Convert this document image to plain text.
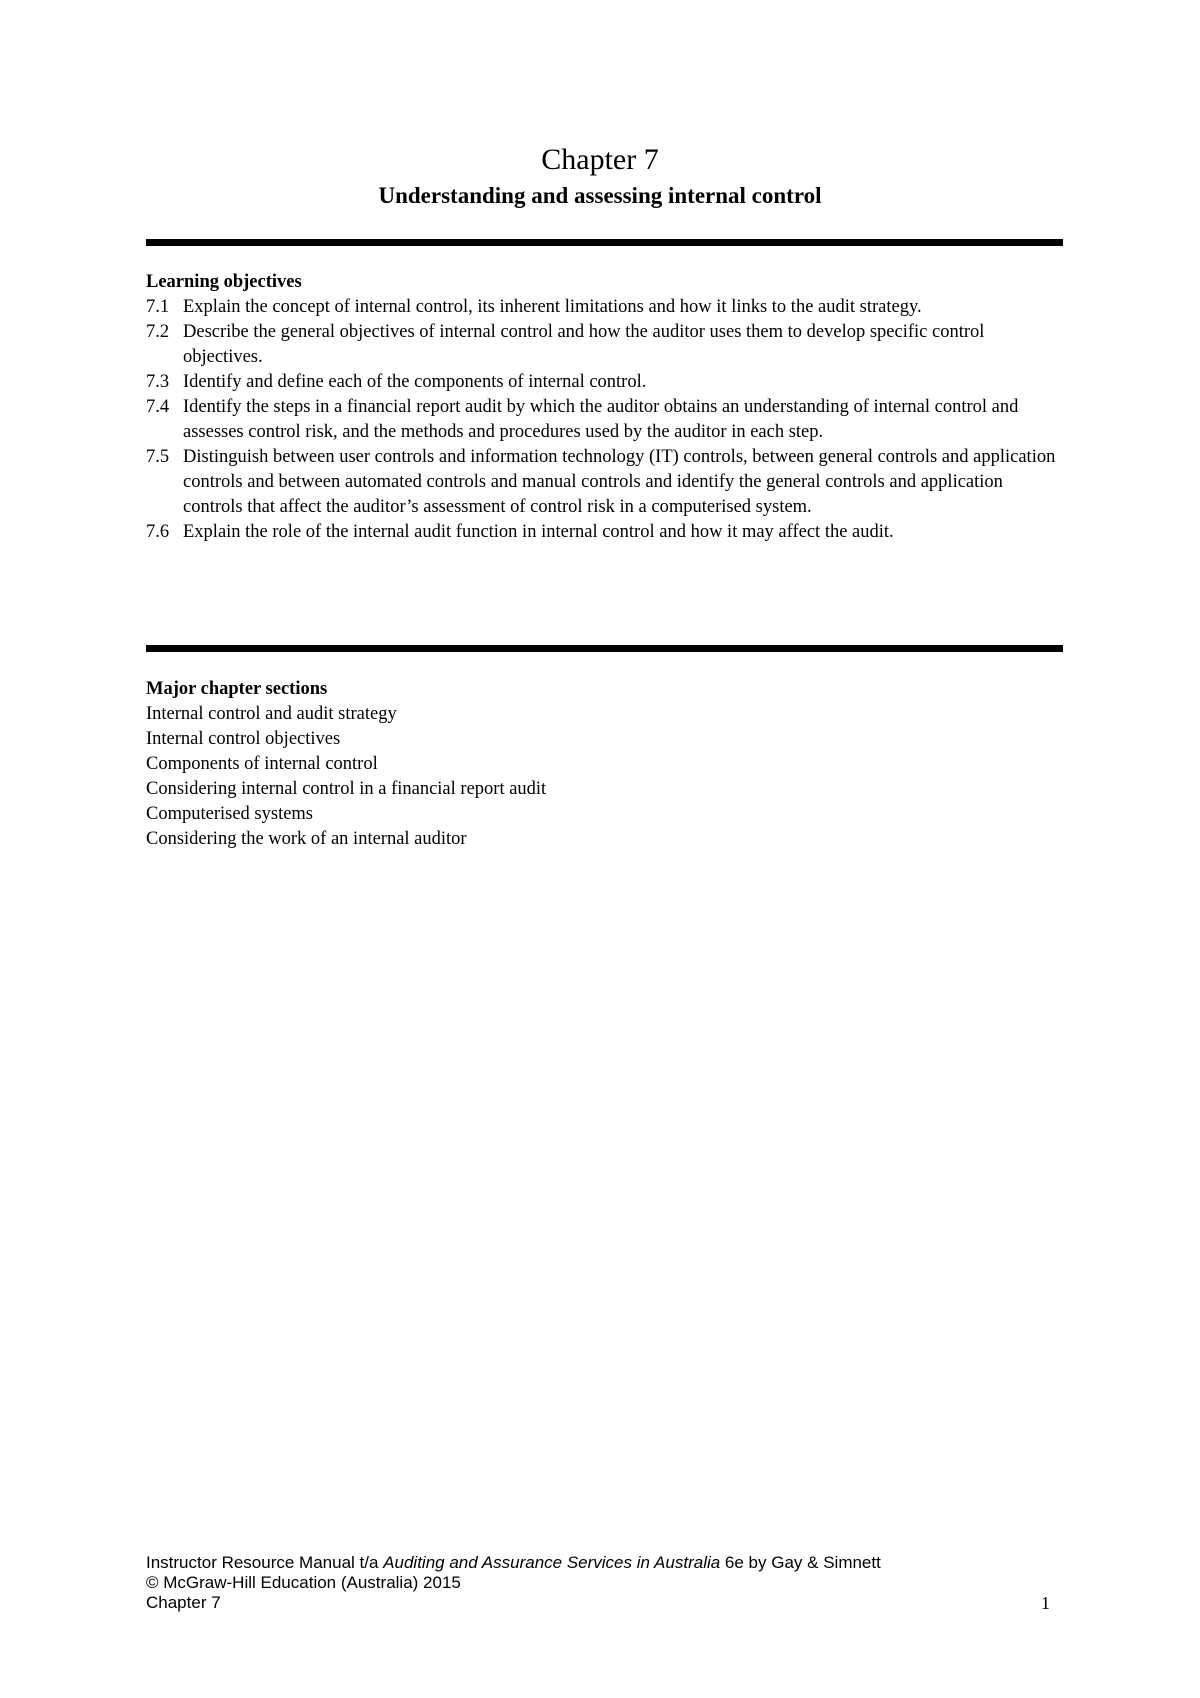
Chapter 7
Understanding and assessing internal control

Learning objectives

7.1 Explain the concept of internal control, its inherent limitations and how it links to the audit strategy.
7.2 Describe the general objectives of internal control and how the auditor uses them to develop specific control objectives.
7.3 Identify and define each of the components of internal control.
7.4 Identify the steps in a financial report audit by which the auditor obtains an understanding of internal control and assesses control risk, and the methods and procedures used by the auditor in each step.
7.5 Distinguish between user controls and information technology (IT) controls, between general controls and application controls and between automated controls and manual controls and identify the general controls and application controls that affect the auditor’s assessment of control risk in a computerised system.
7.6 Explain the role of the internal audit function in internal control and how it may affect the audit.

Major chapter sections

Internal control and audit strategy
Internal control objectives
Components of internal control
Considering internal control in a financial report audit
Computerised systems
Considering the work of an internal auditor
Instructor Resource Manual t/a Auditing and Assurance Services in Australia 6e by Gay & Simnett
© McGraw-Hill Education (Australia) 2015
Chapter 7	1
